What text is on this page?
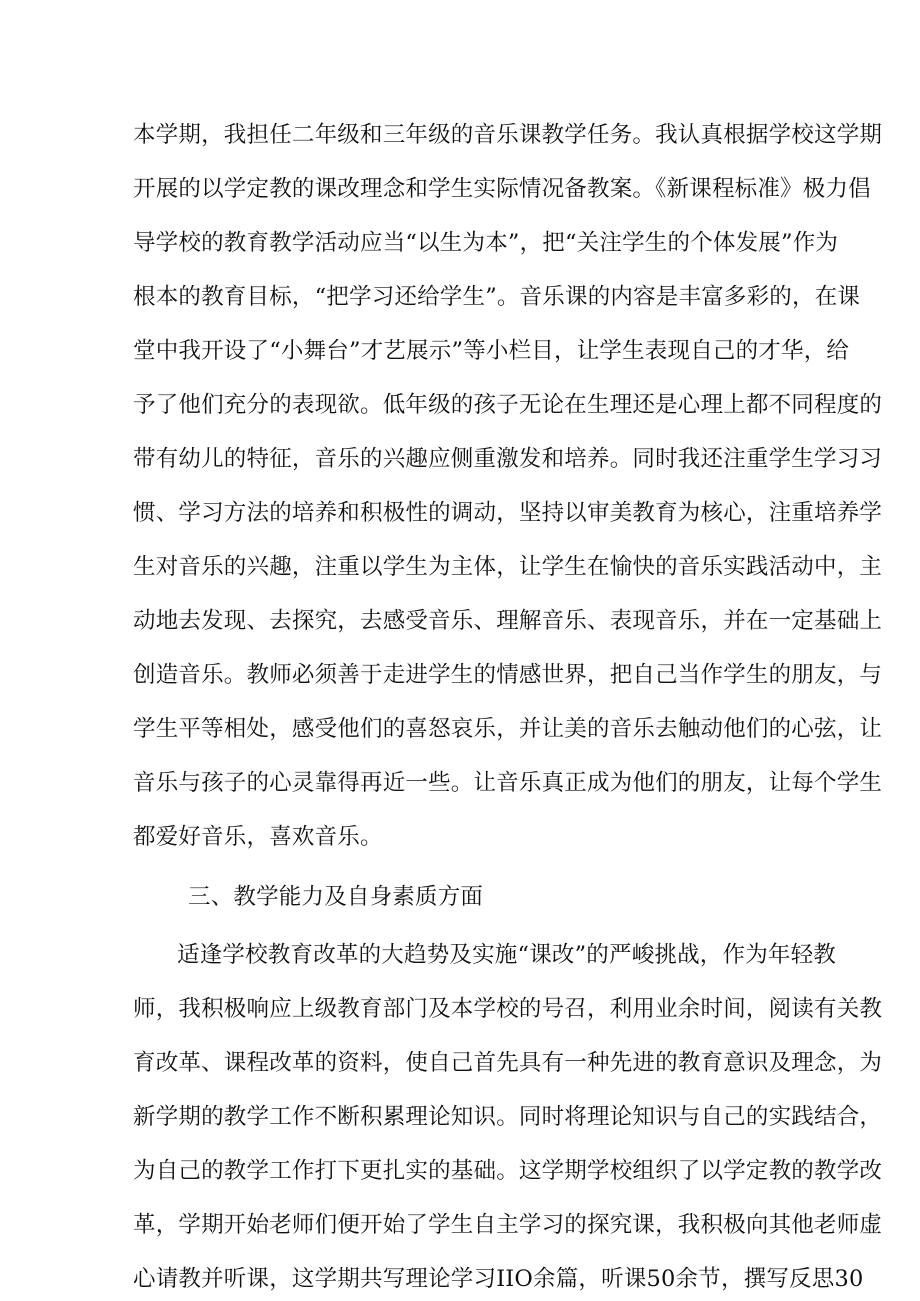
本学期，我担任二年级和三年级的音乐课教学任务。我认真根据学校这学期
开展的以学定教的课改理念和学生实际情况备教案。《新课程标准》极力倡
导学校的教育教学活动应当“以生为本”，把“关注学生的个体发展”作为
根本的教育目标，“把学习还给学生”。音乐课的内容是丰富多彩的，在课
堂中我开设了“小舞台”才艺展示”等小栏目，让学生表现自己的才华，给
予了他们充分的表现欲。低年级的孩子无论在生理还是心理上都不同程度的
带有幼儿的特征，音乐的兴趣应侧重激发和培养。同时我还注重学生学习习
惯、学习方法的培养和积极性的调动，坚持以审美教育为核心，注重培养学
生对音乐的兴趣，注重以学生为主体，让学生在愉快的音乐实践活动中，主
动地去发现、去探究，去感受音乐、理解音乐、表现音乐，并在一定基础上
创造音乐。教师必须善于走进学生的情感世界，把自己当作学生的朋友，与
学生平等相处，感受他们的喜怒哀乐，并让美的音乐去触动他们的心弦，让
音乐与孩子的心灵靠得再近一些。让音乐真正成为他们的朋友，让每个学生
都爱好音乐，喜欢音乐。
三、教学能力及自身素质方面
适逢学校教育改革的大趋势及实施“课改”的严峻挑战，作为年轻教
师，我积极响应上级教育部门及本学校的号召，利用业余时间，阅读有关教
育改革、课程改革的资料，使自己首先具有一种先进的教育意识及理念，为
新学期的教学工作不断积累理论知识。同时将理论知识与自己的实践结合，
为自己的教学工作打下更扎实的基础。这学期学校组织了以学定教的教学改
革，学期开始老师们便开始了学生自主学习的探究课，我积极向其他老师虚
心请教并听课，这学期共写理论学习IIO余篇，听课50余节，撰写反思30
